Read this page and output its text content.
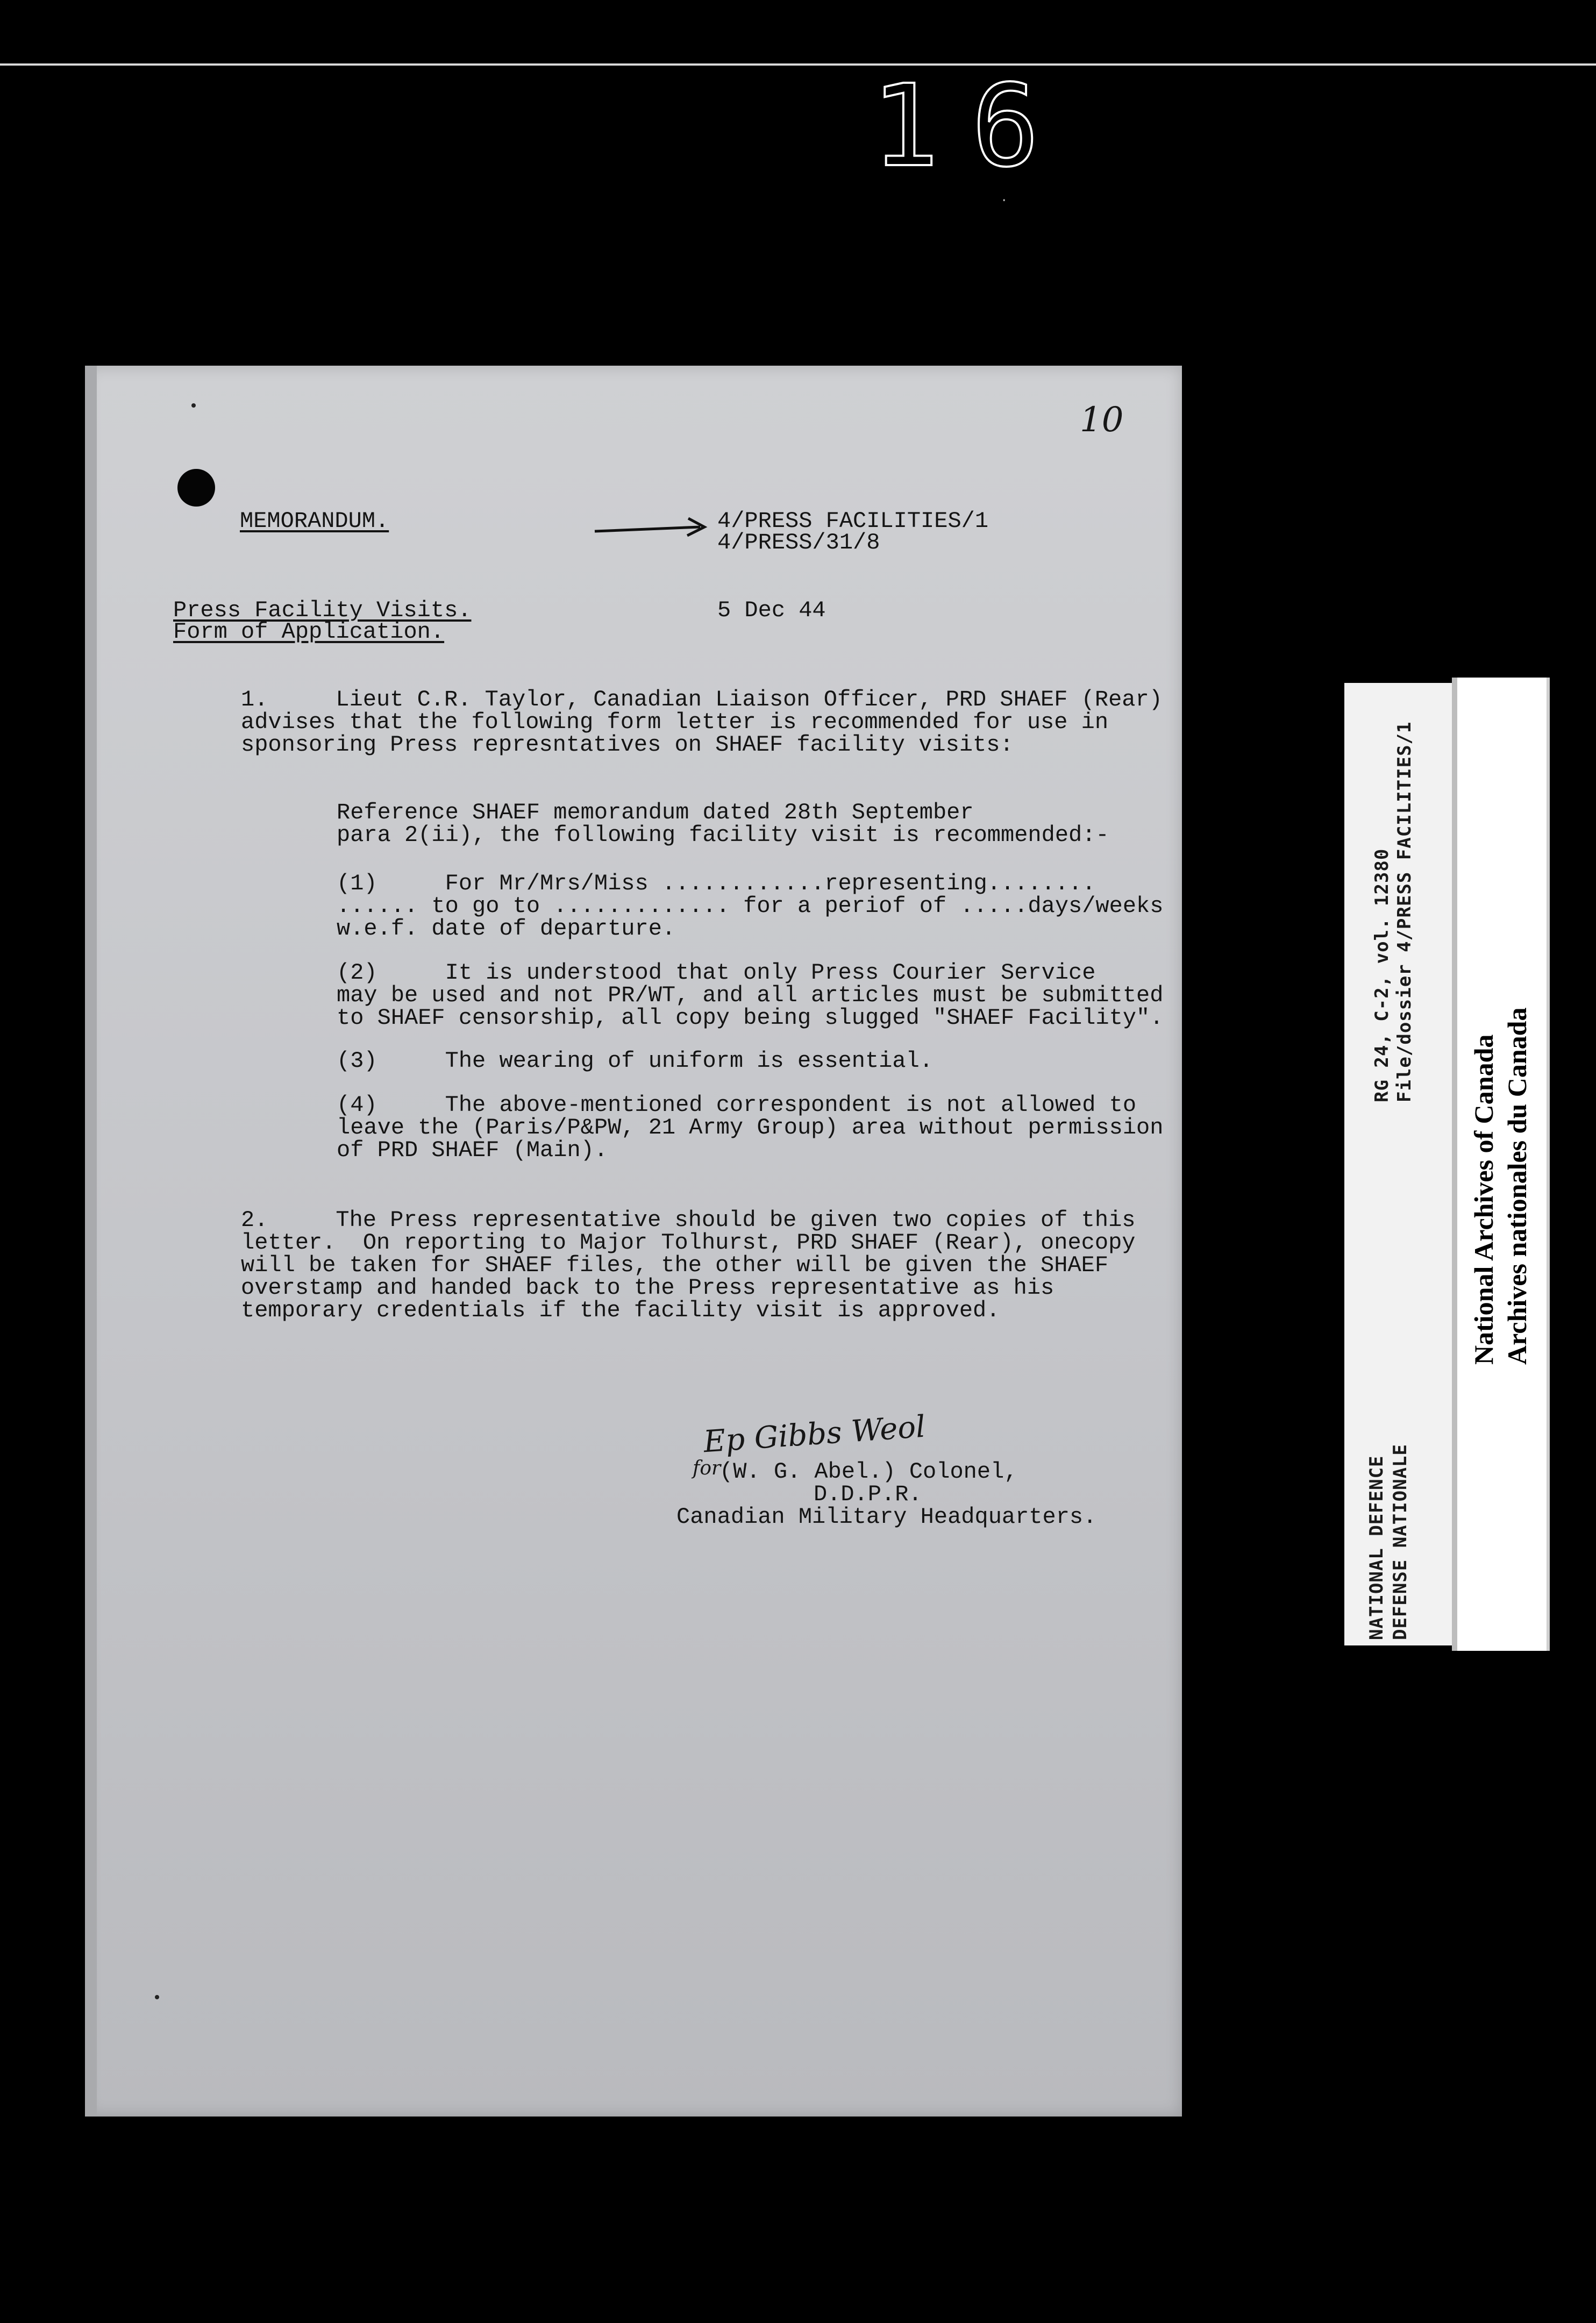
16
·
10
MEMORANDUM.	4/PRESS FACILITIES/1
4/PRESS/31/8
Press Facility Visits.
Form of Application.
5 Dec 44
1.     Lieut C.R. Taylor, Canadian Liaison Officer, PRD SHAEF (Rear)
advises that the following form letter is recommended for use in
sponsoring Press represntatives on SHAEF facility visits:
Reference SHAEF memorandum dated 28th September
para 2(ii), the following facility visit is recommended:-
(1)     For Mr/Mrs/Miss ............representing........
...... to go to ............. for a periof of .....days/weeks
w.e.f. date of departure.
(2)     It is understood that only Press Courier Service
may be used and not PR/WT, and all articles must be submitted
to SHAEF censorship, all copy being slugged "SHAEF Facility".
(3)     The wearing of uniform is essential.
(4)     The above-mentioned correspondent is not allowed to
leave the (Paris/P&PW, 21 Army Group) area without permission
of PRD SHAEF (Main).
2.     The Press representative should be given two copies of this
letter.  On reporting to Major Tolhurst, PRD SHAEF (Rear), onecopy
will be taken for SHAEF files, the other will be given the SHAEF
overstamp and handed back to the Press representative as his
temporary credentials if the facility visit is approved.
Ep Gibbs Weol
for
(W. G. Abel.) Colonel,
D.D.P.R.
Canadian Military Headquarters.
RG 24, C-2, vol. 12380 File/dossier 4/PRESS FACILITIES/1
NATIONAL DEFENCE DEFENSE NATIONALE
National Archives of Canada Archives nationales du Canada
